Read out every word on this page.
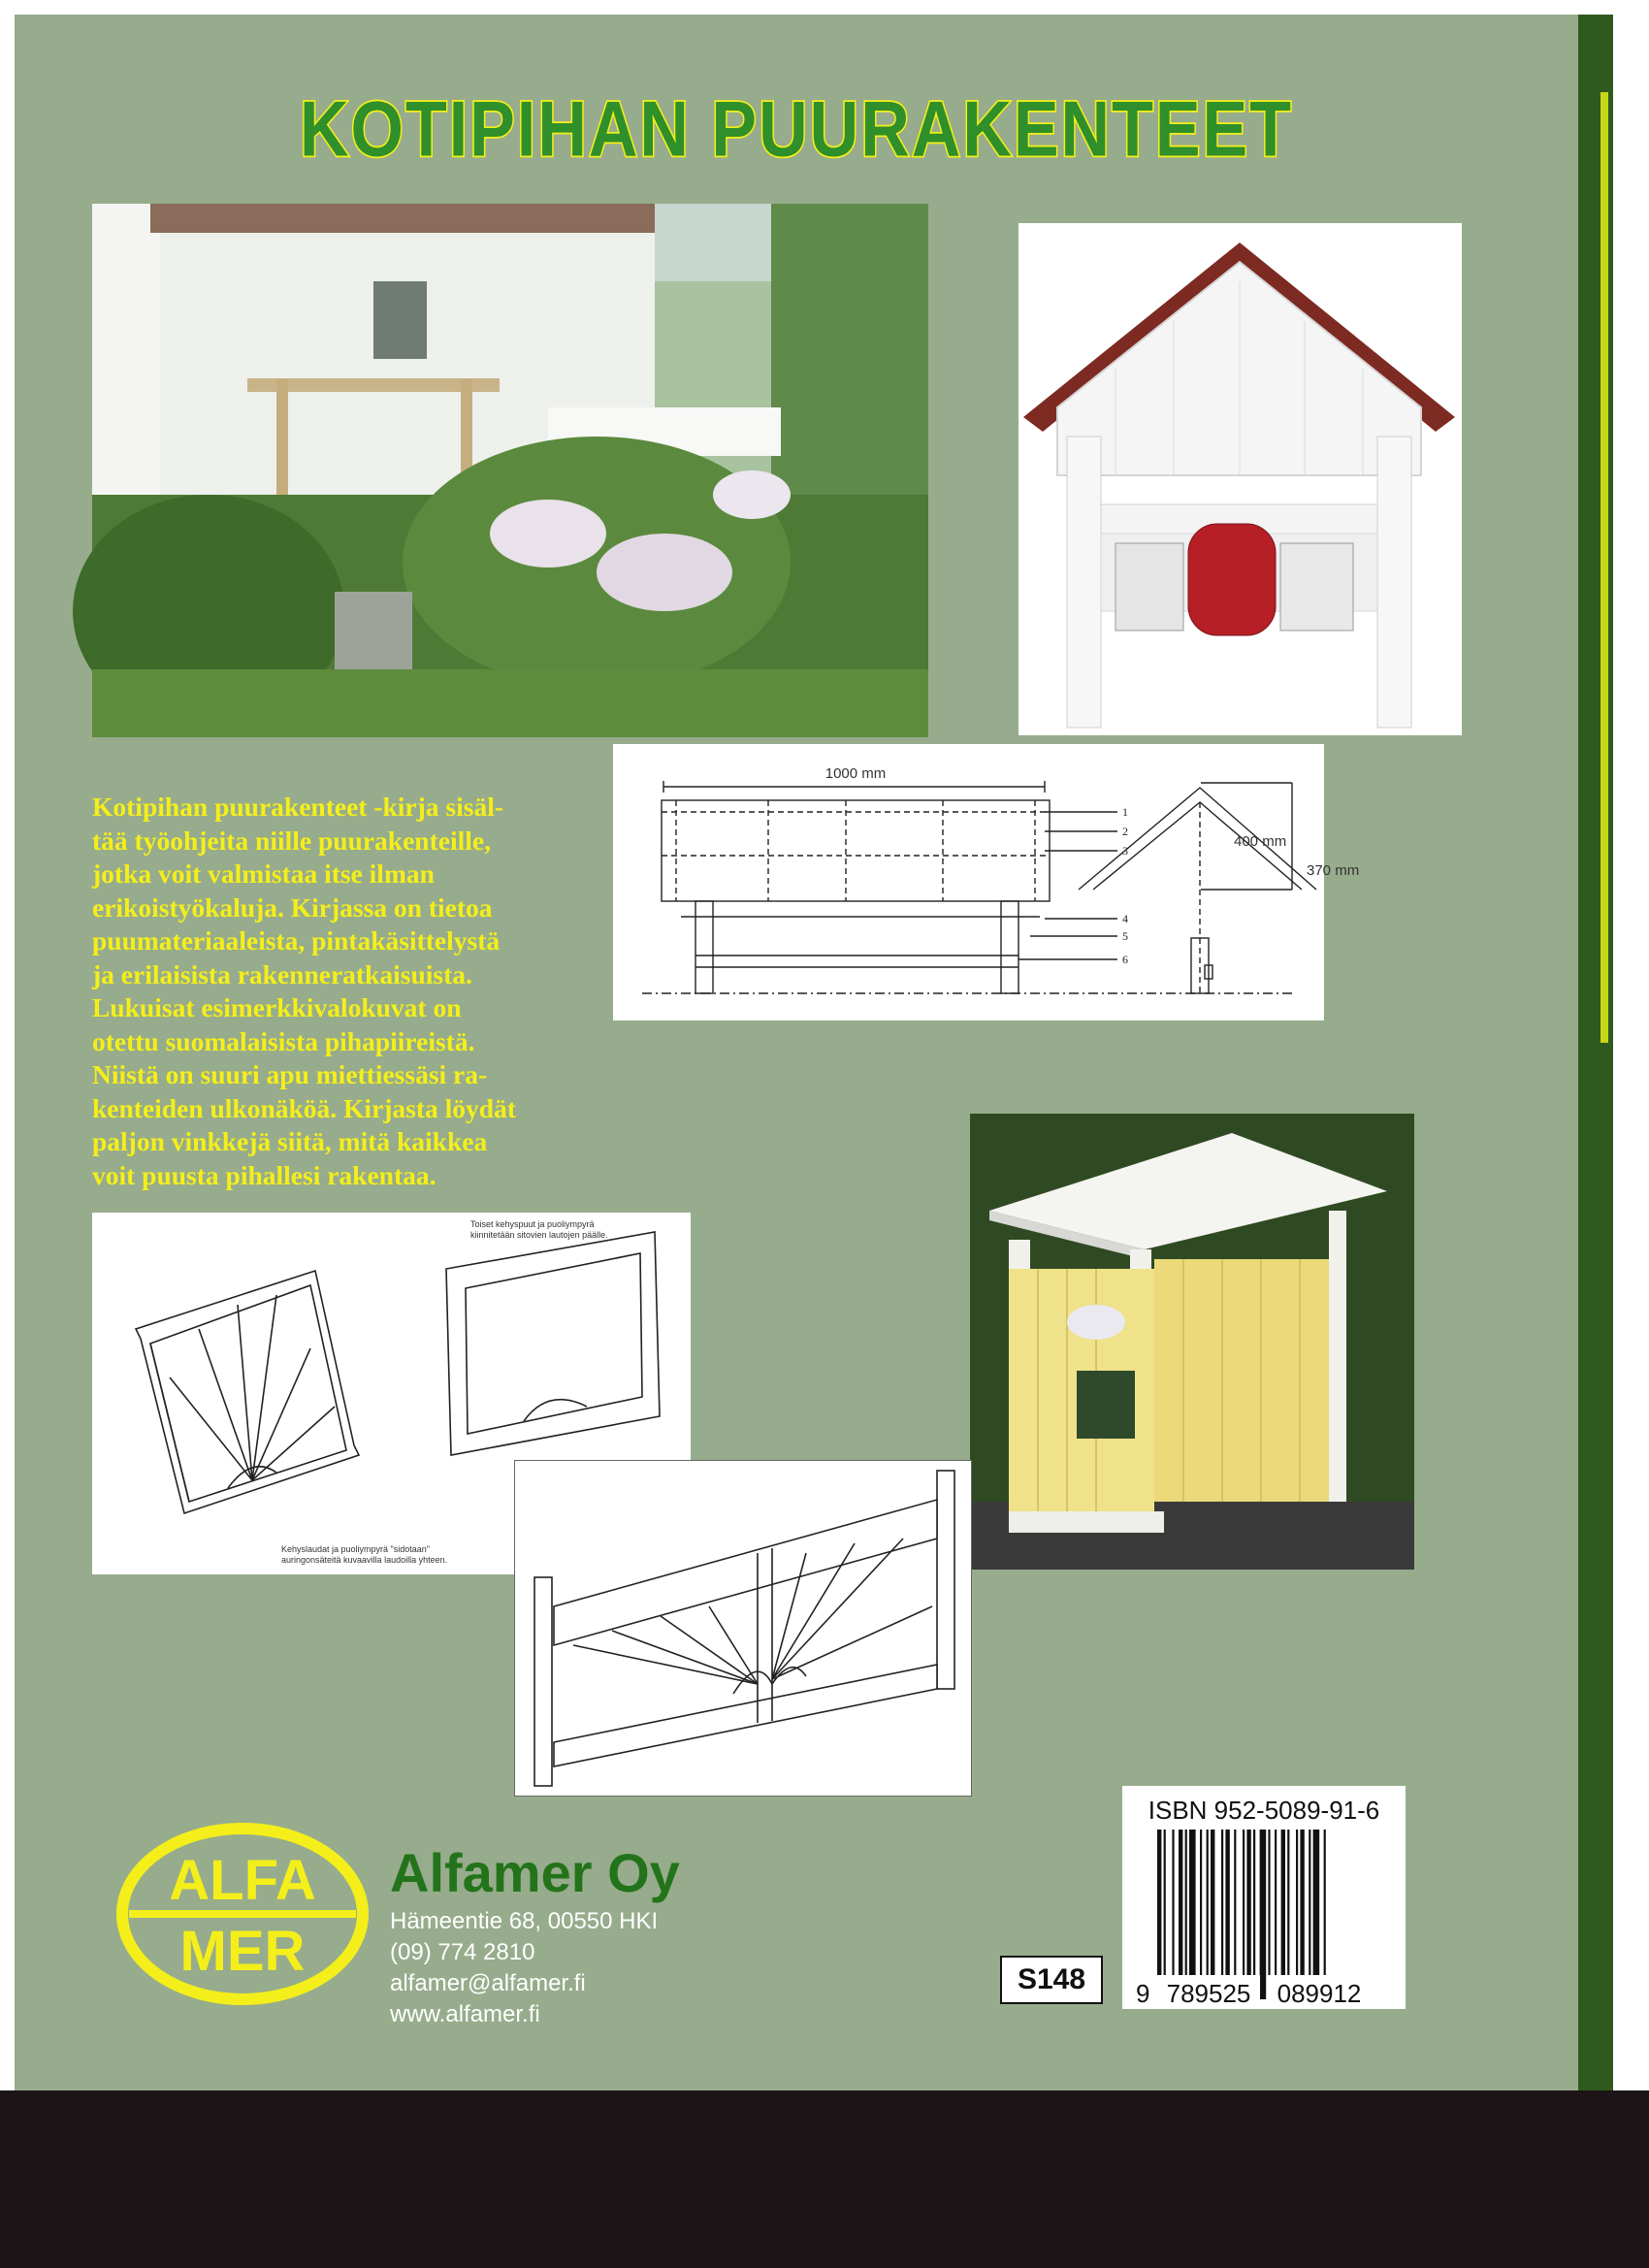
KOTIPIHAN PUURAKENTEET
1000 mm
400 mm
370 mm
1
2
3
4
5
6
Kotipihan puurakenteet -kirja sisäl-
tää työohjeita niille puurakenteille,
jotka voit valmistaa itse ilman
erikoistyökaluja. Kirjassa on tietoa
puumateriaaleista, pintakäsittelystä
ja erilaisista rakenneratkaisuista.
Lukuisat esimerkkivalokuvat on
otettu suomalaisista pihapiireistä.
Niistä on suuri apu miettiessäsi ra-
kenteiden ulkonäköä. Kirjasta löydät
paljon vinkkejä siitä, mitä kaikkea
voit puusta pihallesi rakentaa.
Toiset kehyspuut ja puoliympyrä
kiinnitetään sitovien lautojen päälle.
Kehyslaudat ja puoliympyrä "sidotaan"
auringonsäteitä kuvaavilla laudoilla yhteen.
ALFA
MER
Alfamer Oy
Hämeentie 68, 00550 HKI
(09) 774 2810
alfamer@alfamer.fi
www.alfamer.fi
S148
ISBN 952-5089-91-6
9 789525 089912
